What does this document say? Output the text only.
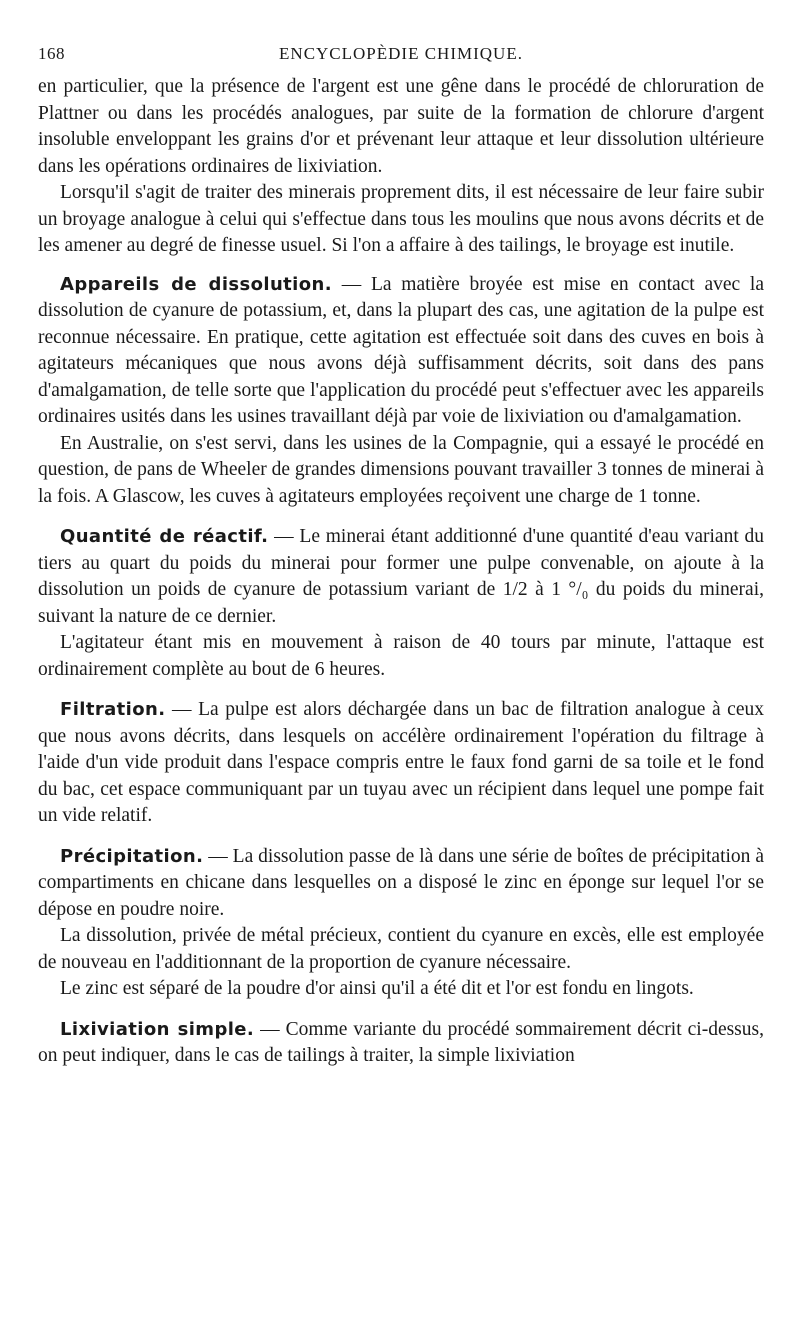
168	ENCYCLOPÈDIE CHIMIQUE.

en particulier, que la présence de l'argent est une gêne dans le procédé de chloruration de Plattner ou dans les procédés analogues, par suite de la formation de chlorure d'argent insoluble enveloppant les grains d'or et prévenant leur attaque et leur dissolution ultérieure dans les opérations ordinaires de lixiviation.

Lorsqu'il s'agit de traiter des minerais proprement dits, il est nécessaire de leur faire subir un broyage analogue à celui qui s'effectue dans tous les moulins que nous avons décrits et de les amener au degré de finesse usuel. Si l'on a affaire à des tailings, le broyage est inutile.

Appareils de dissolution. — La matière broyée est mise en contact avec la dissolution de cyanure de potassium, et, dans la plupart des cas, une agitation de la pulpe est reconnue nécessaire. En pratique, cette agitation est effectuée soit dans des cuves en bois à agitateurs mécaniques que nous avons déjà suffisamment décrits, soit dans des pans d'amalgamation, de telle sorte que l'application du procédé peut s'effectuer avec les appareils ordinaires usités dans les usines travaillant déjà par voie de lixiviation ou d'amalgamation.

En Australie, on s'est servi, dans les usines de la Compagnie, qui a essayé le procédé en question, de pans de Wheeler de grandes dimensions pouvant travailler 3 tonnes de minerai à la fois. A Glascow, les cuves à agitateurs employées reçoivent une charge de 1 tonne.

Quantité de réactif. — Le minerai étant additionné d'une quantité d'eau variant du tiers au quart du poids du minerai pour former une pulpe convenable, on ajoute à la dissolution un poids de cyanure de potassium variant de 1/2 à 1 °/₀ du poids du minerai, suivant la nature de ce dernier.

L'agitateur étant mis en mouvement à raison de 40 tours par minute, l'attaque est ordinairement complète au bout de 6 heures.

Filtration. — La pulpe est alors déchargée dans un bac de filtration analogue à ceux que nous avons décrits, dans lesquels on accélère ordinairement l'opération du filtrage à l'aide d'un vide produit dans l'espace compris entre le faux fond garni de sa toile et le fond du bac, cet espace communiquant par un tuyau avec un récipient dans lequel une pompe fait un vide relatif.

Précipitation. — La dissolution passe de là dans une série de boîtes de précipitation à compartiments en chicane dans lesquelles on a disposé le zinc en éponge sur lequel l'or se dépose en poudre noire.

La dissolution, privée de métal précieux, contient du cyanure en excès, elle est employée de nouveau en l'additionnant de la proportion de cyanure nécessaire.

Le zinc est séparé de la poudre d'or ainsi qu'il a été dit et l'or est fondu en lingots.

Lixiviation simple. — Comme variante du procédé sommairement décrit ci-dessus, on peut indiquer, dans le cas de tailings à traiter, la simple lixiviation
